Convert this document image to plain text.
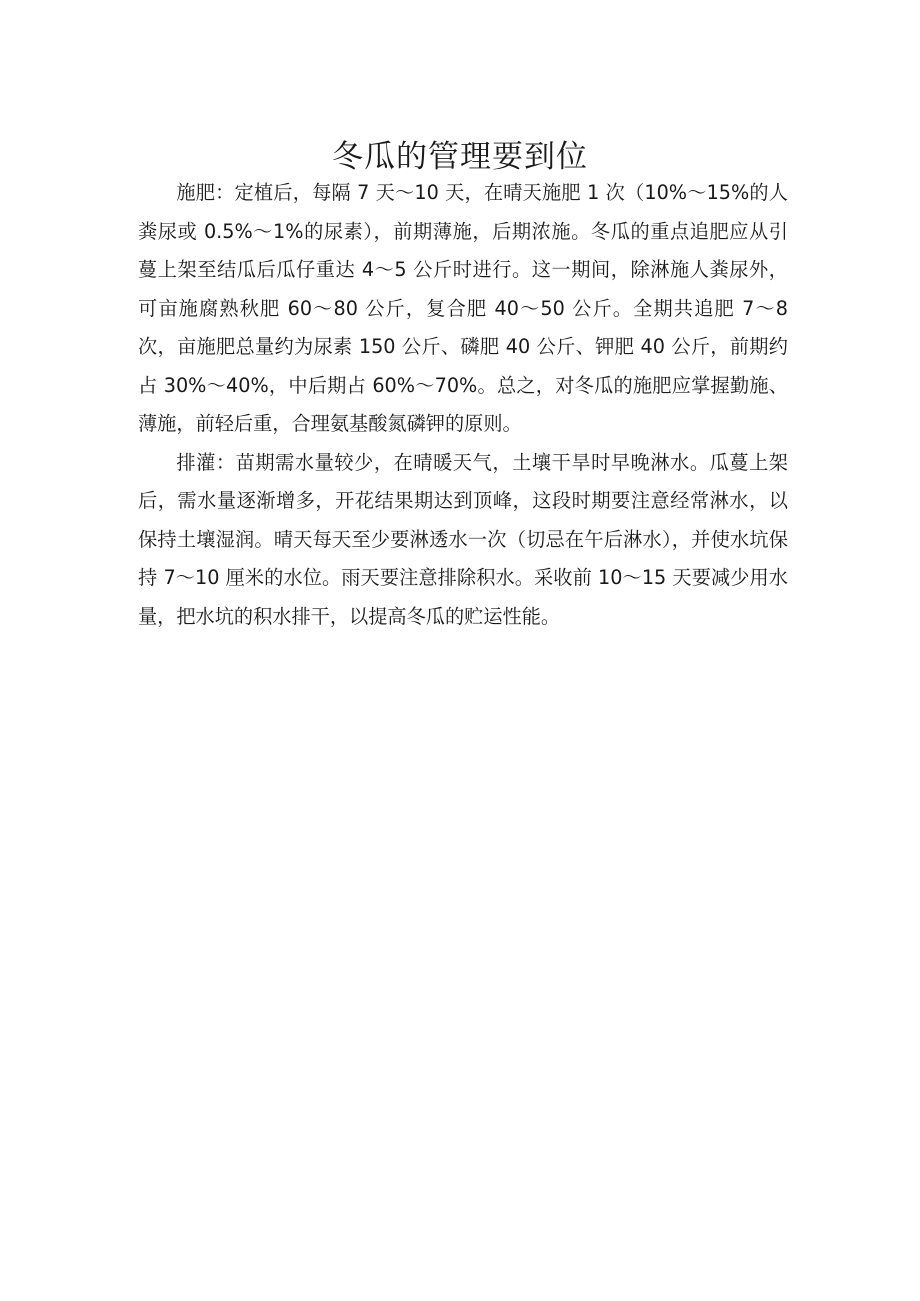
冬瓜的管理要到位

施肥：定植后，每隔 7 天～10 天，在晴天施肥 1 次（10%～15%的人粪尿或 0.5%～1%的尿素），前期薄施，后期浓施。冬瓜的重点追肥应从引蔓上架至结瓜后瓜仔重达 4～5 公斤时进行。这一期间，除淋施人粪尿外，可亩施腐熟秋肥 60～80 公斤，复合肥 40～50 公斤。全期共追肥 7～8 次，亩施肥总量约为尿素 150 公斤、磷肥 40 公斤、钾肥 40 公斤，前期约占 30%～40%，中后期占 60%～70%。总之，对冬瓜的施肥应掌握勤施、薄施，前轻后重，合理氨基酸氮磷钾的原则。

排灌：苗期需水量较少，在晴暖天气，土壤干旱时早晚淋水。瓜蔓上架后，需水量逐渐增多，开花结果期达到顶峰，这段时期要注意经常淋水，以保持土壤湿润。晴天每天至少要淋透水一次（切忌在午后淋水），并使水坑保持 7～10 厘米的水位。雨天要注意排除积水。采收前 10～15 天要减少用水量，把水坑的积水排干，以提高冬瓜的贮运性能。
